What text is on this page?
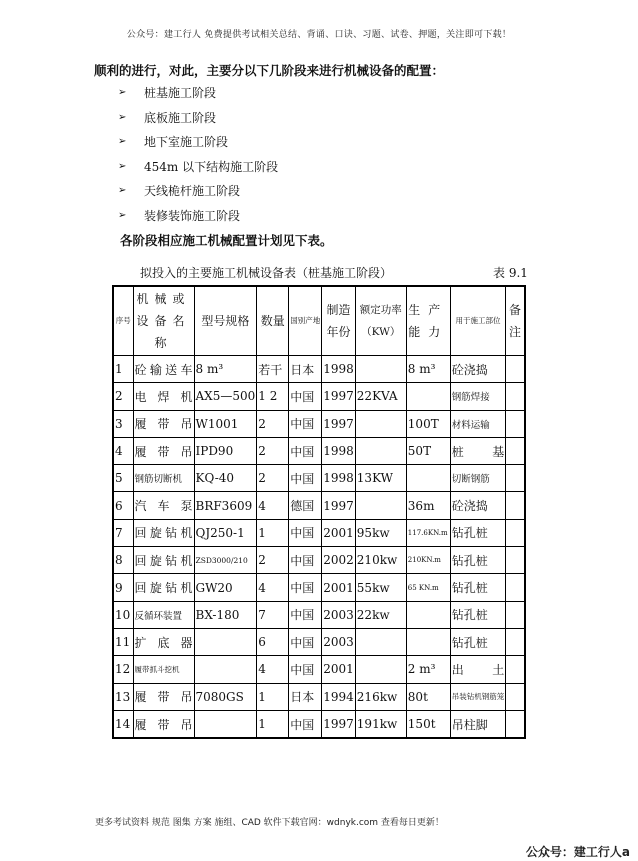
公众号：建工行人 免费提供考试相关总结、背诵、口诀、习题、试卷、押题，关注即可下载！
顺利的进行，对此，主要分以下几阶段来进行机械设备的配置：
➢	桩基施工阶段
➢	底板施工阶段
➢	地下室施工阶段
➢	454m 以下结构施工阶段
➢	天线桅杆施工阶段
➢	装修装饰施工阶段
各阶段相应施工机械配置计划见下表。
拟投入的主要施工机械设备表（桩基施工阶段）	表 9.1
序号	机械或设备名称	型号规格	数量	国别产地	制造年份	额定功率（KW）	生产能力	用于施工部位	备注
1	砼输送车	8 m³	若干	日本	1998		8 m³	砼浇捣	
2	电焊机	AX5—500	1 2	中国	1997	22KVA		钢筋焊接	
3	履带吊	W1001	2	中国	1997		100T	材料运输	
4	履带吊	IPD90	2	中国	1998		50T	桩基	
5	钢筋切断机	KQ-40	2	中国	1998	13KW		切断钢筋	
6	汽车泵	BRF3609	4	德国	1997		36m	砼浇捣	
7	回旋钻机	QJ250-1	1	中国	2001	95kw	117.6KN.m	钻孔桩	
8	回旋钻机	ZSD3000/210	2	中国	2002	210kw	210KN.m	钻孔桩	
9	回旋钻机	GW20	4	中国	2001	55kw	65 KN.m	钻孔桩	
10	反循环装置	BX-180	7	中国	2003	22kw		钻孔桩	
11	扩底器		6	中国	2003			钻孔桩	
12	履带抓斗挖机		4	中国	2001		2 m³	出土	
13	履带吊	7080GS	1	日本	1994	216kw	80t	吊装钻机钢筋笼	
14	履带吊		1	中国	1997	191kw	150t	吊柱脚	
更多考试资料 规范 图集 方案 施组、CAD 软件下载官网：wdnyk.com 查看每日更新！
公众号：建工行人a
